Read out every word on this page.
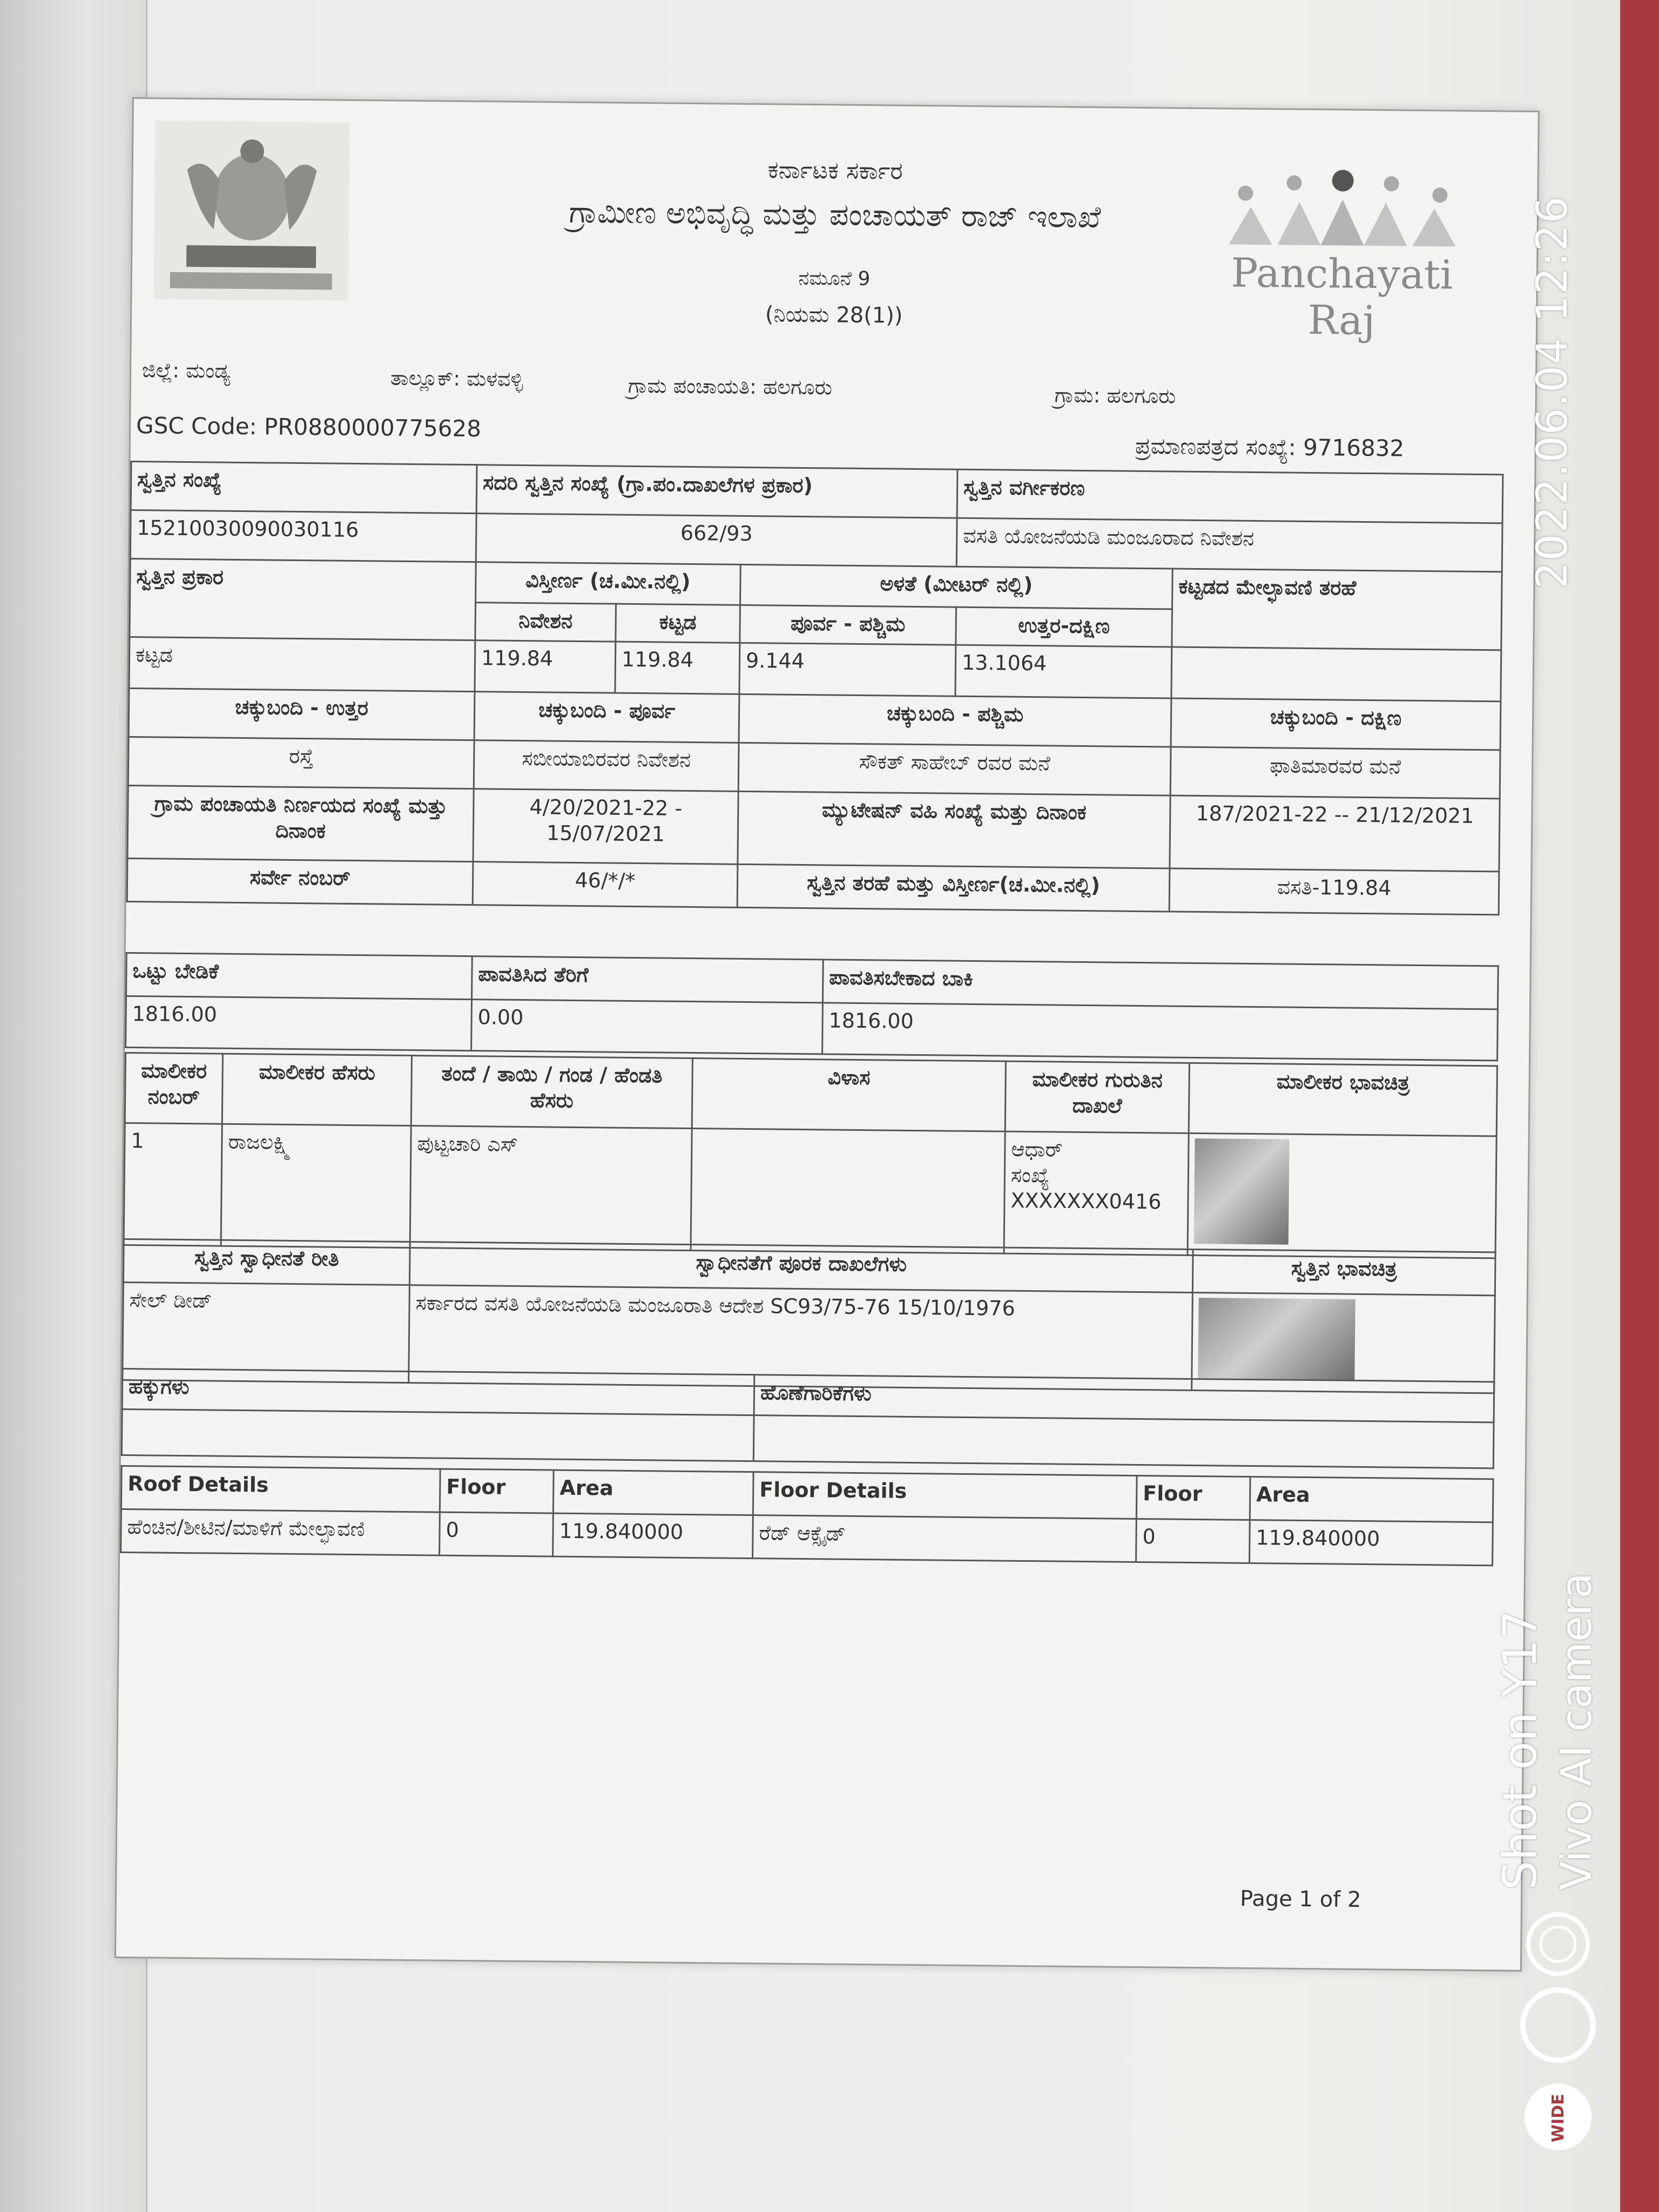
ಕರ್ನಾಟಕ ಸರ್ಕಾರ
ಗ್ರಾಮೀಣ ಅಭಿವೃದ್ಧಿ ಮತ್ತು ಪಂಚಾಯತ್ ರಾಜ್ ಇಲಾಖೆ
ನಮೂನೆ 9
(ನಿಯಮ 28(1))
Panchayati Raj
ಜಿಲ್ಲೆ: ಮಂಡ್ಯ	ತಾಲ್ಲೂಕ್: ಮಳವಳ್ಳಿ	ಗ್ರಾಮ ಪಂಚಾಯತಿ: ಹಲಗೂರು	ಗ್ರಾಮ: ಹಲಗೂರು
GSC Code: PR0880000775628
ಪ್ರಮಾಣಪತ್ರದ ಸಂಖ್ಯೆ: 9716832
ಸ್ವತ್ತಿನ ಸಂಖ್ಯೆ	ಸದರಿ ಸ್ವತ್ತಿನ ಸಂಖ್ಯೆ (ಗ್ರಾ.ಪಂ.ದಾಖಲೆಗಳ ಪ್ರಕಾರ)			ಸ್ವತ್ತಿನ ವರ್ಗೀಕರಣ	
15210030090030116	662/93			ವಸತಿ ಯೋಜನೆಯಡಿ ಮಂಜೂರಾದ ನಿವೇಶನ	
ಸ್ವತ್ತಿನ ಪ್ರಕಾರ	ವಿಸ್ತೀರ್ಣ (ಚ.ಮೀ.ನಲ್ಲಿ)		ಅಳತೆ (ಮೀಟರ್ ನಲ್ಲಿ)		ಕಟ್ಟಡದ ಮೇಲ್ಛಾವಣಿ ತರಹೆ
	ನಿವೇಶನ	ಕಟ್ಟಡ	ಪೂರ್ವ - ಪಶ್ಚಿಮ	ಉತ್ತರ-ದಕ್ಷಿಣ	
ಕಟ್ಟಡ	119.84	119.84	9.144	13.1064	
ಚಕ್ಕುಬಂದಿ - ಉತ್ತರ	ಚಕ್ಕುಬಂದಿ - ಪೂರ್ವ		ಚಕ್ಕುಬಂದಿ - ಪಶ್ಚಿಮ		ಚಕ್ಕುಬಂದಿ - ದಕ್ಷಿಣ
ರಸ್ತೆ	ಸಬೀಯಾಬಿರವರ ನಿವೇಶನ		ಸೌಕತ್ ಸಾಹೇಬ್ ರವರ ಮನೆ		ಫಾತಿಮಾರವರ ಮನೆ
ಗ್ರಾಮ ಪಂಚಾಯತಿ ನಿರ್ಣಯದ ಸಂಖ್ಯೆ ಮತ್ತು ದಿನಾಂಕ	4/20/2021-22 - 15/07/2021		ಮ್ಯುಟೇಷನ್ ವಹಿ ಸಂಖ್ಯೆ ಮತ್ತು ದಿನಾಂಕ		187/2021-22 -- 21/12/2021
ಸರ್ವೇ ನಂಬರ್	46/*/*		ಸ್ವತ್ತಿನ ತರಹೆ ಮತ್ತು ವಿಸ್ತೀರ್ಣ(ಚ.ಮೀ.ನಲ್ಲಿ)		ವಸತಿ-119.84
ಒಟ್ಟು ಬೇಡಿಕೆ	ಪಾವತಿಸಿದ ತೆರಿಗೆ	ಪಾವತಿಸಬೇಕಾದ ಬಾಕಿ
1816.00	0.00	1816.00
ಮಾಲೀಕರ ನಂಬರ್	ಮಾಲೀಕರ ಹೆಸರು	ತಂದೆ / ತಾಯಿ / ಗಂಡ / ಹೆಂಡತಿ ಹೆಸರು	ವಿಳಾಸ	ಮಾಲೀಕರ ಗುರುತಿನ ದಾಖಲೆ	ಮಾಲೀಕರ ಭಾವಚಿತ್ರ
1	ರಾಜಲಕ್ಷ್ಮಿ	ಪುಟ್ಟಚಾರಿ ಎಸ್		ಆಧಾರ್ ಸಂಖ್ಯೆ
XXXXXXX0416	

ಸ್ವತ್ತಿನ ಸ್ವಾಧೀನತೆ ರೀತಿ	ಸ್ವಾಧೀನತೆಗೆ ಪೂರಕ ದಾಖಲೆಗಳು	ಸ್ವತ್ತಿನ ಭಾವಚಿತ್ರ
ಸೇಲ್ ಡೀಡ್	ಸರ್ಕಾರದ ವಸತಿ ಯೋಜನೆಯಡಿ ಮಂಜೂರಾತಿ ಆದೇಶ SC93/75-76 15/10/1976	
ಹಕ್ಕುಗಳು	ಹೊಣೆಗಾರಿಕೆಗಳು

Roof Details	Floor	Area	Floor Details	Floor	Area
ಹೆಂಚಿನ/ಶೀಟಿನ/ಮಾಳಿಗೆ ಮೇಲ್ಛಾವಣಿ	0	119.840000	ರೆಡ್ ಆಕ್ಸೈಡ್	0	119.840000
Page 1 of 2
2022.06.04 12:26
Shot on Y17 Vivo AI camera
WIDE
